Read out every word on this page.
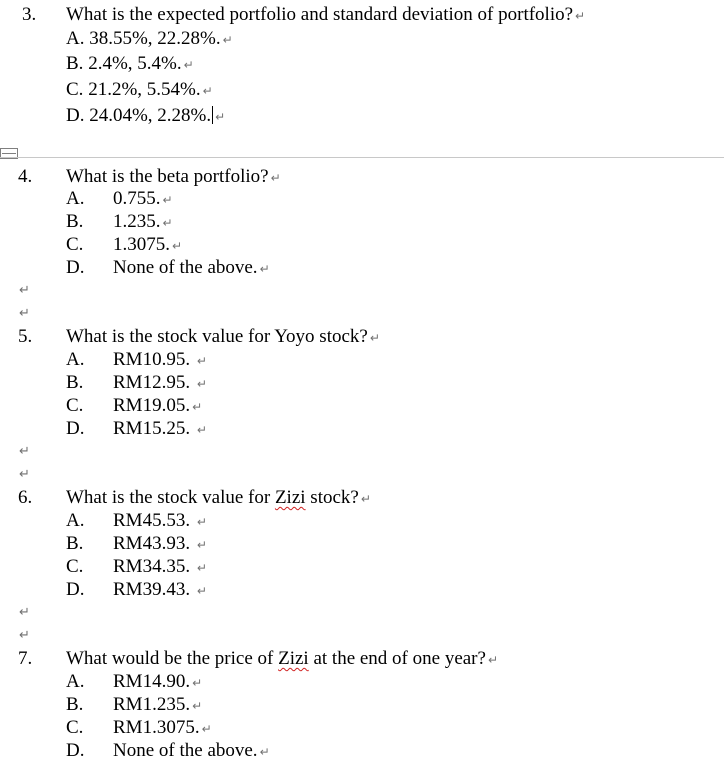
3. What is the expected portfolio and standard deviation of portfolio? ↵
A. 38.55%, 22.28%. ↵
B. 2.4%, 5.4%. ↵
C. 21.2%, 5.54%. ↵
D. 24.04%, 2.28%. ↵
4. What is the beta portfolio? ↵
A. 0.755. ↵
B. 1.235. ↵
C. 1.3075. ↵
D. None of the above. ↵
↵
↵
5. What is the stock value for Yoyo stock? ↵
A. RM10.95. ↵
B. RM12.95. ↵
C. RM19.05. ↵
D. RM15.25. ↵
↵
↵
6. What is the stock value for Zizi stock? ↵
A. RM45.53. ↵
B. RM43.93. ↵
C. RM34.35. ↵
D. RM39.43. ↵
↵
↵
7. What would be the price of Zizi at the end of one year? ↵
A. RM14.90. ↵
B. RM1.235. ↵
C. RM1.3075. ↵
D. None of the above. ↵
